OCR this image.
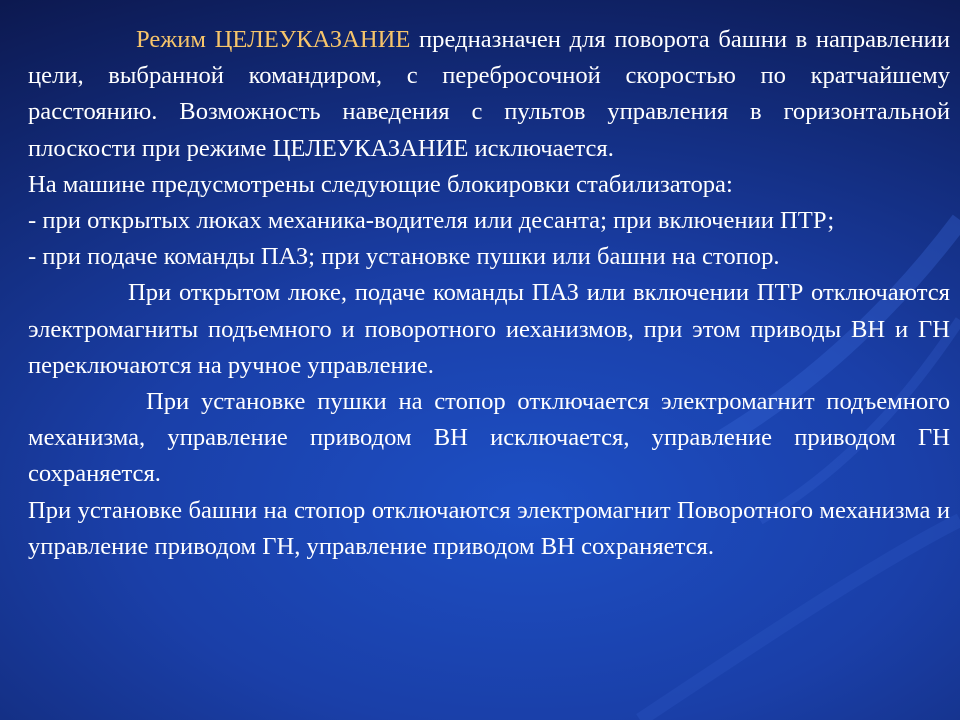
Режим ЦЕЛЕУКАЗАНИЕ предназначен для поворота башни в направлении цели, выбранной командиром, с перебросочной скоростью по кратчайшему расстоянию. Возможность наведения с пультов управления в горизонтальной плоскости при режиме ЦЕЛЕУКАЗАНИЕ исключается.

На машине предусмотрены следующие блокировки стабилизатора:

- при открытых люках механика-водителя или десанта; при включении ПТР;

- при подаче команды ПАЗ; при установке пушки или башни на стопор.

При открытом люке, подаче команды ПАЗ или включении ПТР отключаются электромагниты подъемного и поворотного иеханизмов, при этом приводы ВН и ГН переключаются на ручное управление.

При установке пушки на стопор отключается электромагнит подъемного механизма, управление приводом ВН исключается, управление приводом ГН сохраняется.

При установке башни на стопор отключаются электромагнит Поворотного механизма и управление приводом ГН, управление приводом ВН сохраняется.
